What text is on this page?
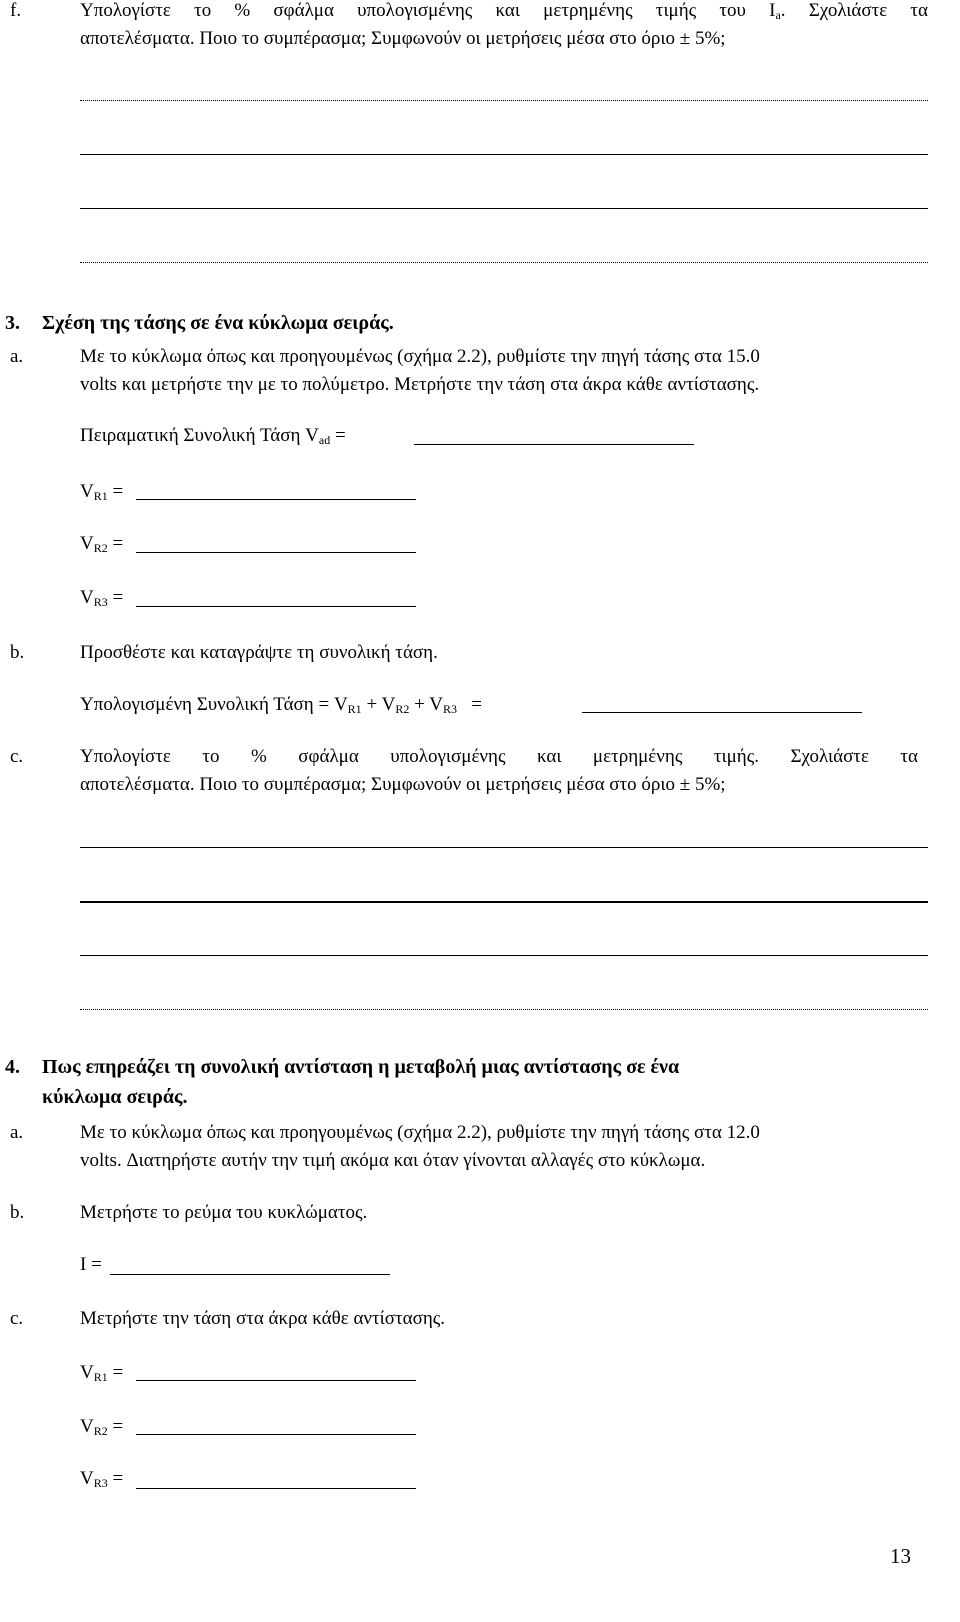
f.	Υπολογίστε το % σφάλμα υπολογισμένης και μετρημένης τιμής του $I_a$. Σχολιάστε τα
αποτελέσματα. Ποιο το συμπέρασμα; Συμφωνούν οι μετρήσεις μέσα στο όριο ± 5%;
3.	Σχέση της τάσης σε ένα κύκλωμα σειράς.
a.	Με το κύκλωμα όπως και προηγουμένως (σχήμα 2.2), ρυθμίστε την πηγή τάσης στα 15.0
volts και μετρήστε την με το πολύμετρο. Μετρήστε την τάση στα άκρα κάθε αντίστασης.
Πειραματική Συνολική Τάση $V_{ad}$ =
$V_{R1}$ =
$V_{R2}$ =
$V_{R3}$ =
b.	Προσθέστε και καταγράψτε τη συνολική τάση.
Υπολογισμένη Συνολική $Tά\sigma\eta = V_{R1} + V_{R2} + V_{R3}$ =
c.	Υπολογίστε το % σφάλμα υπολογισμένης και μετρημένης τιμής. Σχολιάστε τα
αποτελέσματα. Ποιο το συμπέρασμα; Συμφωνούν οι μετρήσεις μέσα στο όριο ± 5%;
4.	Πως επηρεάζει τη συνολική αντίσταση η μεταβολή μιας αντίστασης σε ένα
κύκλωμα σειράς.
a.	Με το κύκλωμα όπως και προηγουμένως (σχήμα 2.2), ρυθμίστε την πηγή τάσης στα 12.0
volts. Διατηρήστε αυτήν την τιμή ακόμα και όταν γίνονται αλλαγές στο κύκλωμα.
b.	Μετρήστε το ρεύμα του κυκλώματος.
I =
c.	Μετρήστε την τάση στα άκρα κάθε αντίστασης.
$V_{R1}$ =
$V_{R2}$ =
$V_{R3}$ =
13
